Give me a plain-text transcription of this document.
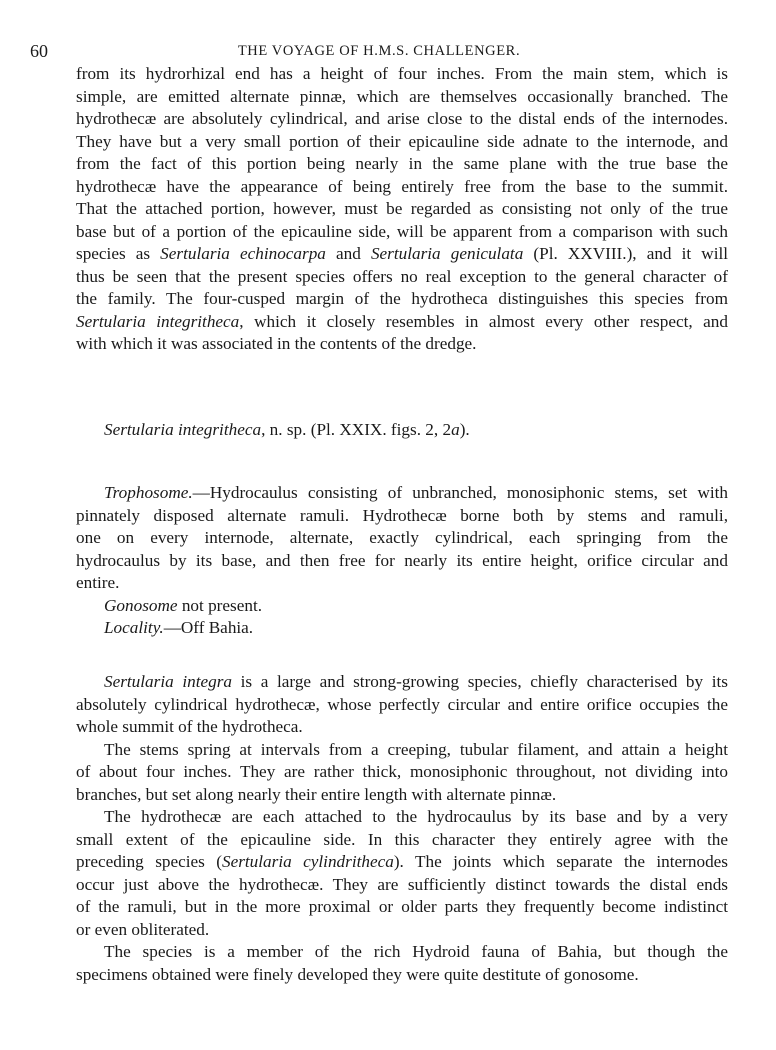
60	THE VOYAGE OF H.M.S. CHALLENGER.
from its hydrorhizal end has a height of four inches. From the main stem, which is
simple, are emitted alternate pinnæ, which are themselves occasionally branched. The
hydrothecæ are absolutely cylindrical, and arise close to the distal ends of the internodes.
They have but a very small portion of their epicauline side adnate to the internode, and
from the fact of this portion being nearly in the same plane with the true base the
hydrothecæ have the appearance of being entirely free from the base to the summit.
That the attached portion, however, must be regarded as consisting not only of the true
base but of a portion of the epicauline side, will be apparent from a comparison with such
species as Sertularia echinocarpa and Sertularia geniculata (Pl. XXVIII.), and it will
thus be seen that the present species offers no real exception to the general character of
the family. The four-cusped margin of the hydrotheca distinguishes this species from
Sertularia integritheca, which it closely resembles in almost every other respect, and
with which it was associated in the contents of the dredge.
Sertularia integritheca, n. sp. (Pl. XXIX. figs. 2, 2a).
Trophosome.—Hydrocaulus consisting of unbranched, monosiphonic stems, set with
pinnately disposed alternate ramuli. Hydrothecæ borne both by stems and ramuli,
one on every internode, alternate, exactly cylindrical, each springing from the
hydrocaulus by its base, and then free for nearly its entire height, orifice circular and
entire.
Gonosome not present.
Locality.—Off Bahia.
Sertularia integra is a large and strong-growing species, chiefly characterised by its
absolutely cylindrical hydrothecæ, whose perfectly circular and entire orifice occupies the
whole summit of the hydrotheca.
The stems spring at intervals from a creeping, tubular filament, and attain a height
of about four inches. They are rather thick, monosiphonic throughout, not dividing into
branches, but set along nearly their entire length with alternate pinnæ.
The hydrothecæ are each attached to the hydrocaulus by its base and by a very
small extent of the epicauline side. In this character they entirely agree with the
preceding species (Sertularia cylindritheca). The joints which separate the internodes
occur just above the hydrothecæ. They are sufficiently distinct towards the distal ends
of the ramuli, but in the more proximal or older parts they frequently become indistinct
or even obliterated.
The species is a member of the rich Hydroid fauna of Bahia, but though the
specimens obtained were finely developed they were quite destitute of gonosome.
